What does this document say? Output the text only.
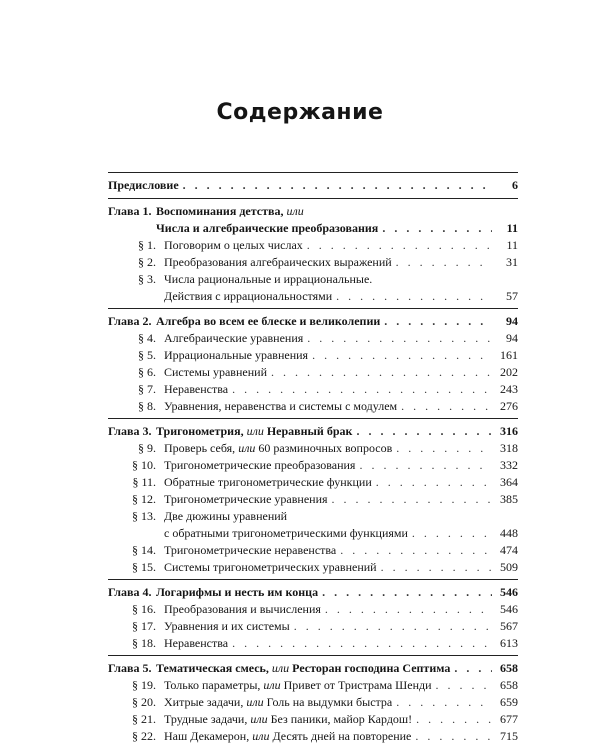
Содержание
Предисловие . . .	6
Глава 1. Воспоминания детства, или
Числа и алгебраические преобразования . . .	11
§ 1. Поговорим о целых числах . . .	11
§ 2. Преобразования алгебраических выражений . . .	31
§ 3. Числа рациональные и иррациональные.
Действия с иррациональностями . . .	57
Глава 2. Алгебра во всем ее блеске и великолепии . . .	94
§ 4. Алгебраические уравнения . . .	94
§ 5. Иррациональные уравнения . . .	161
§ 6. Системы уравнений . . .	202
§ 7. Неравенства . . .	243
§ 8. Уравнения, неравенства и системы с модулем . . .	276
Глава 3. Тригонометрия, или Неравный брак . . .	316
§ 9. Проверь себя, или 60 разминочных вопросов . . .	318
§ 10. Тригонометрические преобразования . . .	332
§ 11. Обратные тригонометрические функции . . .	364
§ 12. Тригонометрические уравнения . . .	385
§ 13. Две дюжины уравнений
с обратными тригонометрическими функциями . . .	448
§ 14. Тригонометрические неравенства . . .	474
§ 15. Системы тригонометрических уравнений . . .	509
Глава 4. Логарифмы и несть им конца . . .	546
§ 16. Преобразования и вычисления . . .	546
§ 17. Уравнения и их системы . . .	567
§ 18. Неравенства . . .	613
Глава 5. Тематическая смесь, или Ресторан господина Септима . . .	658
§ 19. Только параметры, или Привет от Тристрама Шенди . . .	658
§ 20. Хитрые задачи, или Голь на выдумки быстра . . .	659
§ 21. Трудные задачи, или Без паники, майор Кардош! . . .	677
§ 22. Наш Декамерон, или Десять дней на повторение . . .	715
